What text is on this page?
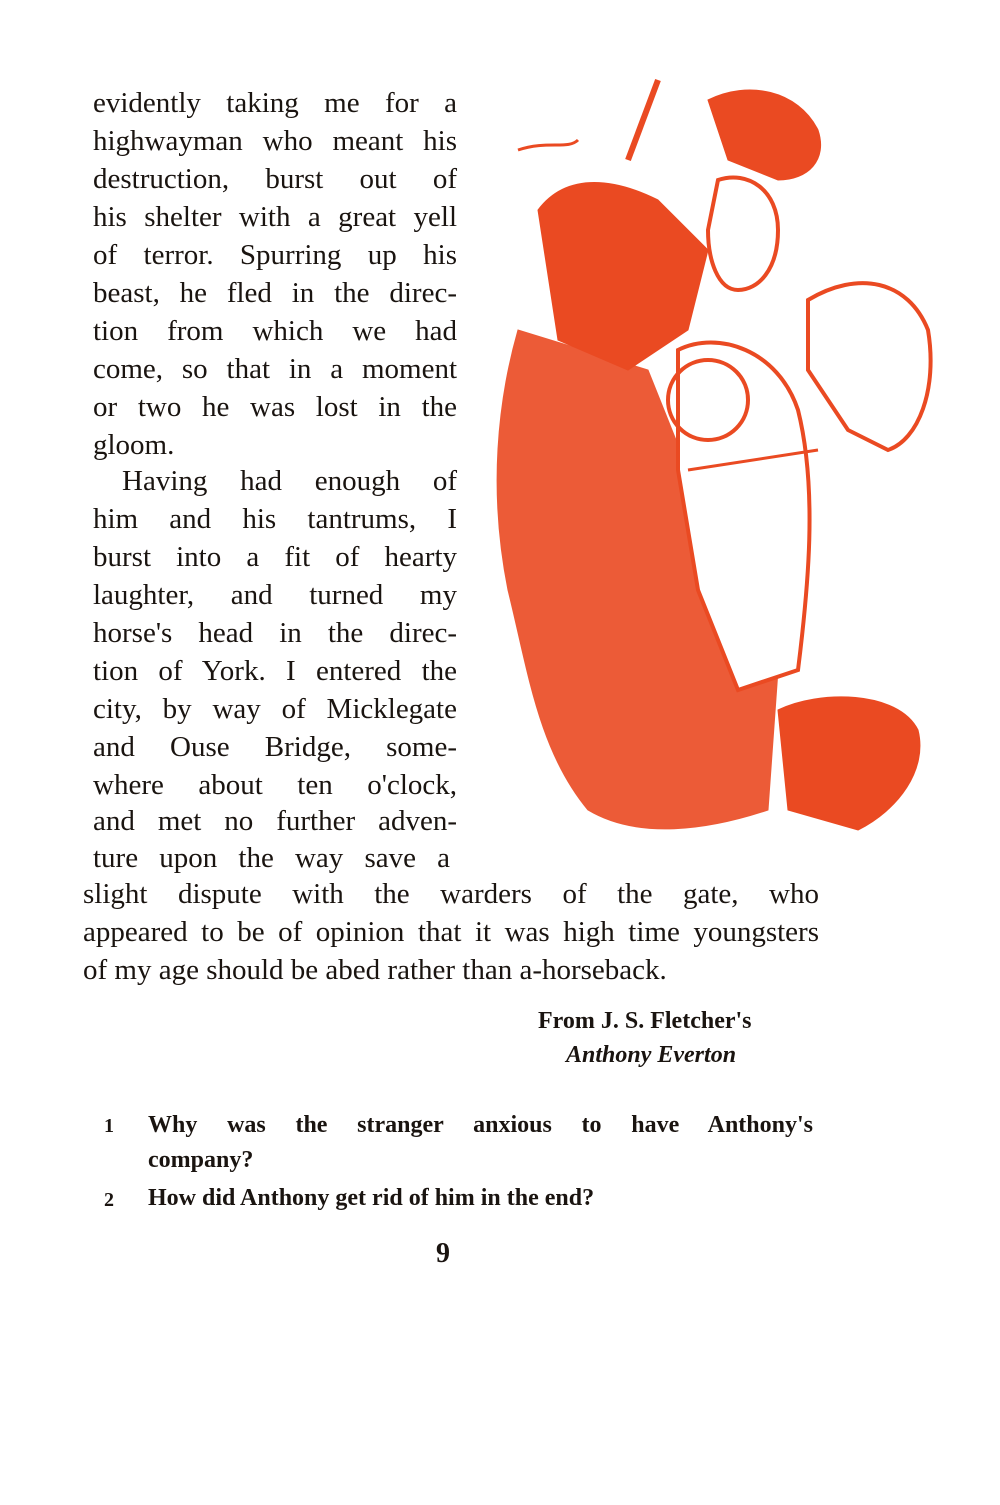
evidently taking me for a
highwayman who meant his
destruction, burst out of
his shelter with a great yell
of terror. Spurring up his
beast, he fled in the direc-
tion from which we had
come, so that in a moment
or two he was lost in the
gloom.
Having had enough of
him and his tantrums, I
burst into a fit of hearty
laughter, and turned my
horse's head in the direc-
tion of York. I entered the
city, by way of Micklegate
and Ouse Bridge, some-
where about ten o'clock,
and met no further adven-
ture upon the way save a
slight dispute with the warders of the gate, who
appeared to be of opinion that it was high time youngsters
of my age should be abed rather than a-horseback.
From J. S. Fletcher's
Anthony Everton
1 Why was the stranger anxious to have Anthony's
company?
2 How did Anthony get rid of him in the end?
9
